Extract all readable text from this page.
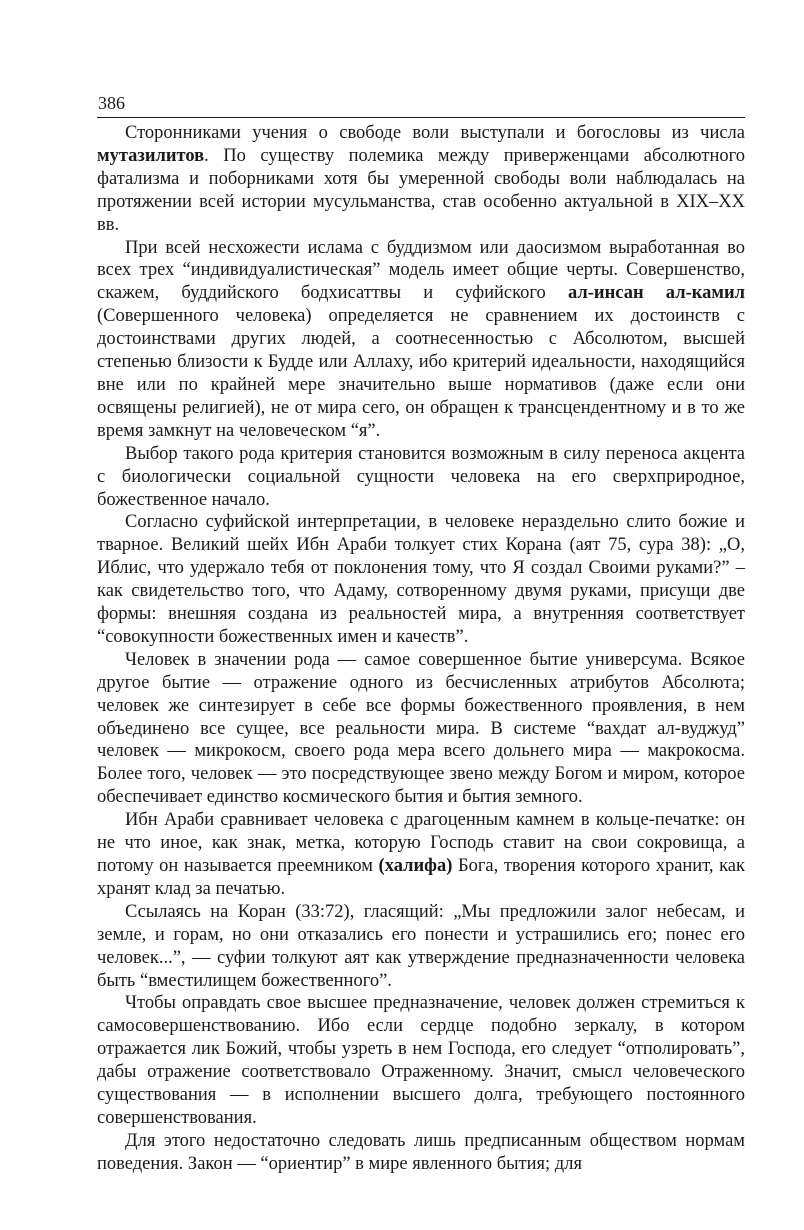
386

Сторонниками учения о свободе воли выступали и богословы из числа мутазилитов. По существу полемика между приверженцами абсолютного фатализма и поборниками хотя бы умеренной свободы воли наблюдалась на протяжении всей истории мусульманства, став особенно актуальной в XIX–XX вв.

При всей несхожести ислама с буддизмом или даосизмом выработанная во всех трех “индивидуалистическая” модель имеет общие черты. Совершенство, скажем, буддийского бодхисаттвы и суфийского ал-инсан ал-камил (Совершенного человека) определяется не сравнением их достоинств с достоинствами других людей, а соотнесенностью с Абсолютом, высшей степенью близости к Будде или Аллаху, ибо критерий идеальности, находящийся вне или по крайней мере значительно выше нормативов (даже если они освящены религией), не от мира сего, он обращен к трансцендентному и в то же время замкнут на человеческом “я”.

Выбор такого рода критерия становится возможным в силу переноса акцента с биологически социальной сущности человека на его сверхприродное, божественное начало.

Согласно суфийской интерпретации, в человеке нераздельно слито божие и тварное. Великий шейх Ибн Араби толкует стих Корана (аят 75, сура 38): „О, Иблис, что удержало тебя от поклонения тому, что Я создал Своими руками?” – как свидетельство того, что Адаму, сотворенному двумя руками, присущи две формы: внешняя создана из реальностей мира, а внутренняя соответствует “совокупности божественных имен и качеств”.

Человек в значении рода — самое совершенное бытие универсума. Всякое другое бытие — отражение одного из бесчисленных атрибутов Абсолюта; человек же синтезирует в себе все формы божественного проявления, в нем объединено все сущее, все реальности мира. В системе “вахдат ал-вуджуд” человек — микрокосм, своего рода мера всего дольнего мира — макрокосма. Более того, человек — это посредствующее звено между Богом и миром, которое обеспечивает единство космического бытия и бытия земного.

Ибн Араби сравнивает человека с драгоценным камнем в кольце-печатке: он не что иное, как знак, метка, которую Господь ставит на свои сокровища, а потому он называется преемником (халифа) Бога, творения которого хранит, как хранят клад за печатью.

Ссылаясь на Коран (33:72), гласящий: „Мы предложили залог небесам, и земле, и горам, но они отказались его понести и устрашились его; понес его человек...”, — суфии толкуют аят как утверждение предназначенности человека быть “вместилищем божественного”.

Чтобы оправдать свое высшее предназначение, человек должен стремиться к самосовершенствованию. Ибо если сердце подобно зеркалу, в котором отражается лик Божий, чтобы узреть в нем Господа, его следует “отполировать”, дабы отражение соответствовало Отраженному. Значит, смысл человеческого существования — в исполнении высшего долга, требующего постоянного совершенствования.

Для этого недостаточно следовать лишь предписанным обществом нормам поведения. Закон — “ориентир” в мире явленного бытия; для
